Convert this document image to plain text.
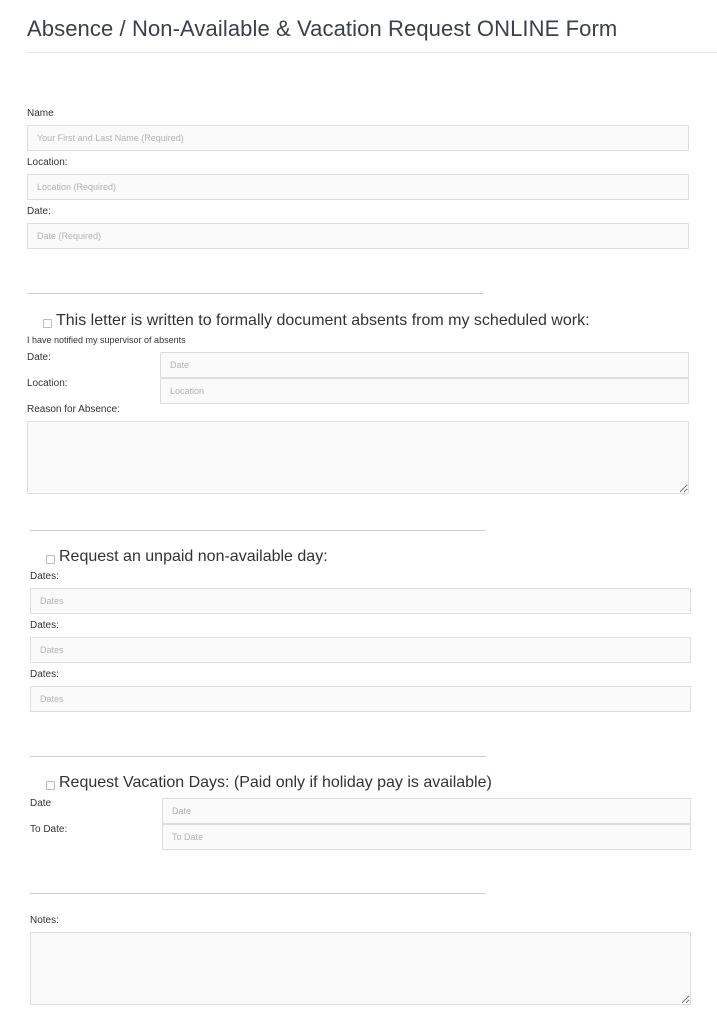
Absence / Non-Available & Vacation Request ONLINE Form
Name
Your First and Last Name (Required)
Location:
Location (Required)
Date:
Date (Required)
This letter is written to formally document absents from my scheduled work:
I have notified my supervisor of absents
Date:
Date
Location:
Location
Reason for Absence:
Request an unpaid non-available day:
Dates:
Dates
Dates:
Dates
Dates:
Dates
Request Vacation Days: (Paid only if holiday pay is available)
Date
Date
To Date:
To Date
Notes:
